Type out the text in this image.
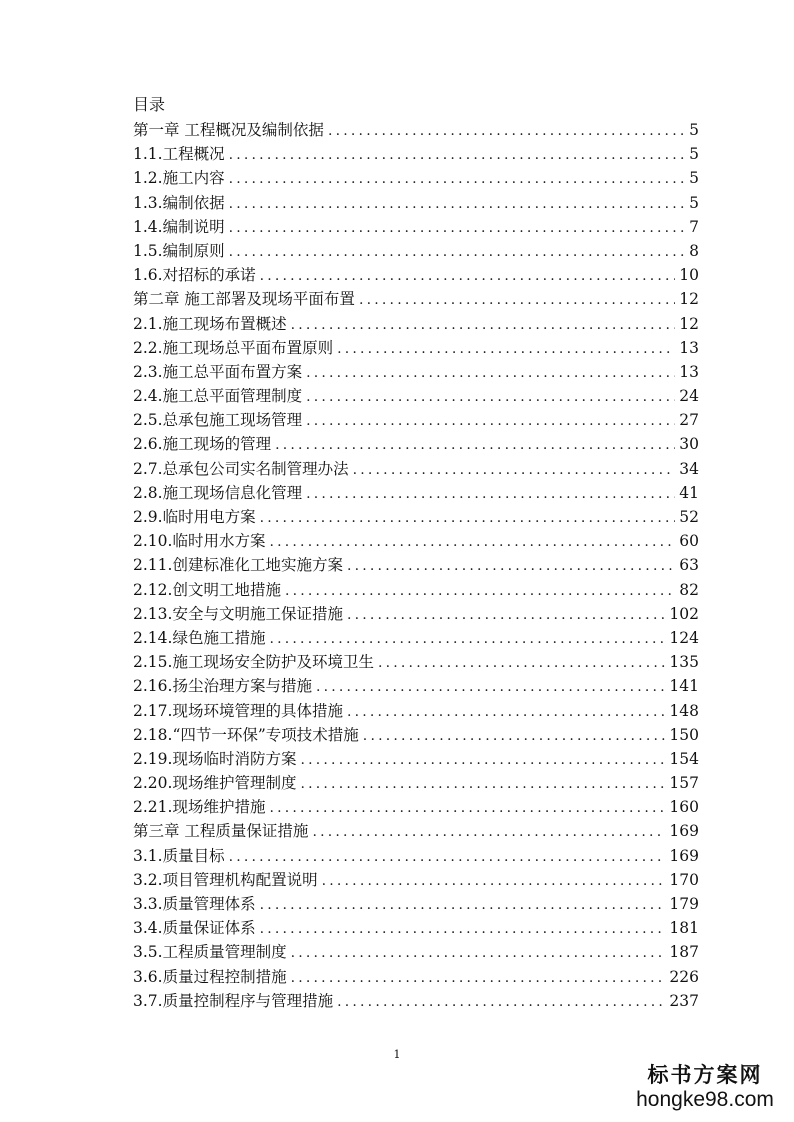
目录
第一章 工程概况及编制依据 .....	5
1.1.工程概况 .....	5
1.2.施工内容 .....	5
1.3.编制依据 .....	5
1.4.编制说明 .....	7
1.5.编制原则 .....	8
1.6.对招标的承诺 .....	10
第二章 施工部署及现场平面布置 .....	12
2.1.施工现场布置概述 .....	12
2.2.施工现场总平面布置原则 .....	13
2.3.施工总平面布置方案 .....	13
2.4.施工总平面管理制度 .....	24
2.5.总承包施工现场管理 .....	27
2.6.施工现场的管理 .....	30
2.7.总承包公司实名制管理办法 .....	34
2.8.施工现场信息化管理 .....	41
2.9.临时用电方案 .....	52
2.10.临时用水方案 .....	60
2.11.创建标准化工地实施方案 .....	63
2.12.创文明工地措施 .....	82
2.13.安全与文明施工保证措施 .....	102
2.14.绿色施工措施 .....	124
2.15.施工现场安全防护及环境卫生 .....	135
2.16.扬尘治理方案与措施 .....	141
2.17.现场环境管理的具体措施 .....	148
2.18.“四节一环保”专项技术措施 .....	150
2.19.现场临时消防方案 .....	154
2.20.现场维护管理制度 .....	157
2.21.现场维护措施 .....	160
第三章 工程质量保证措施 .....	169
3.1.质量目标 .....	169
3.2.项目管理机构配置说明 .....	170
3.3.质量管理体系 .....	179
3.4.质量保证体系 .....	181
3.5.工程质量管理制度 .....	187
3.6.质量过程控制措施 .....	226
3.7.质量控制程序与管理措施 .....	237
1
标书方案网
hongke98.com
